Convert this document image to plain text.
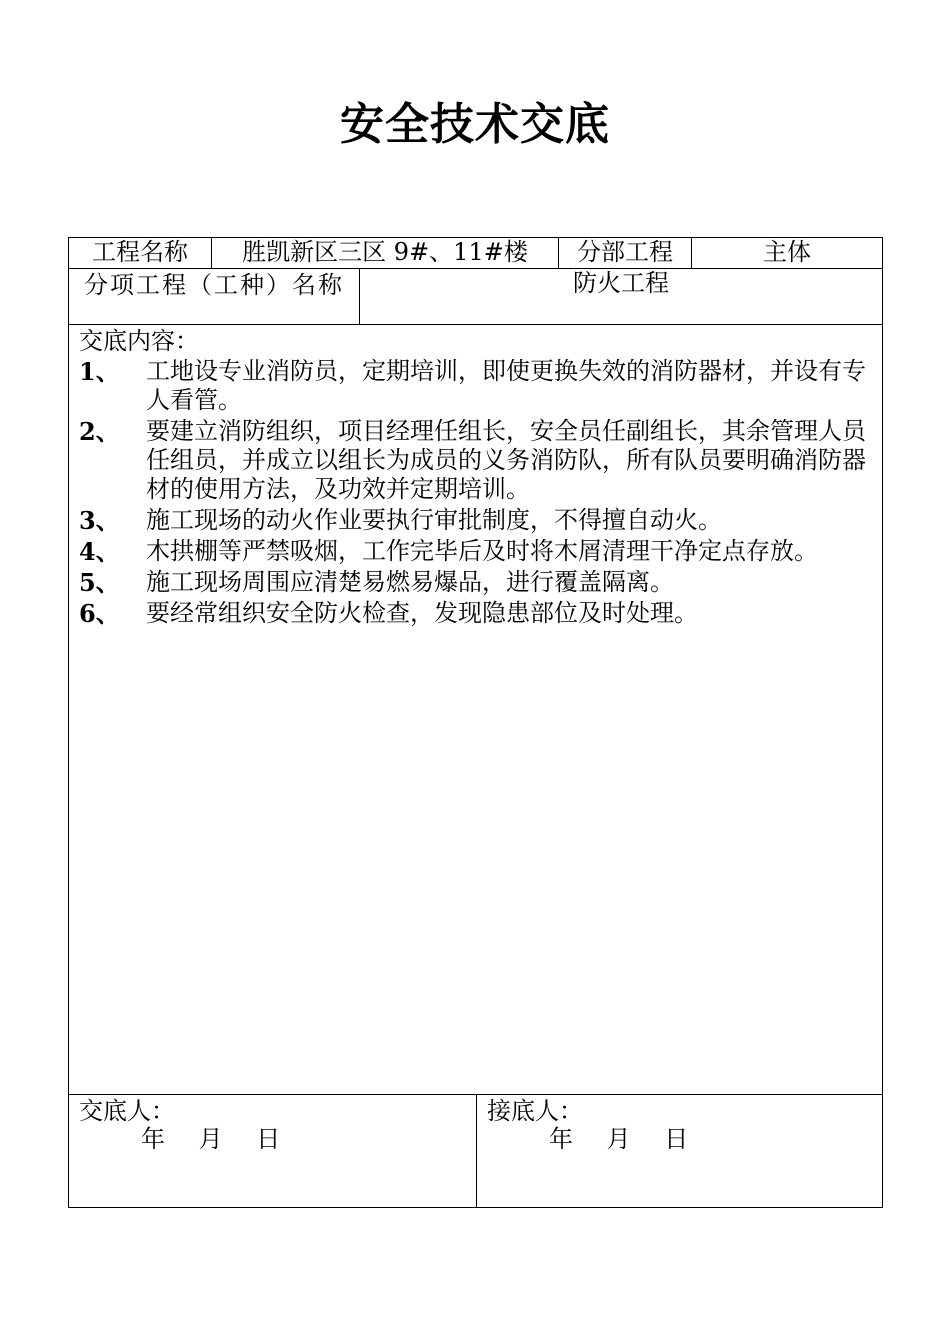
安全技术交底
工程名称	胜凯新区三区 9#、11#楼	分部工程	主体
分项工程（工种）名称	防火工程
交底内容：
1、 工地设专业消防员，定期培训，即使更换失效的消防器材，并设有专人看管。
2、 要建立消防组织，项目经理任组长，安全员任副组长，其余管理人员任组员，并成立以组长为成员的义务消防队，所有队员要明确消防器材的使用方法，及功效并定期培训。
3、 施工现场的动火作业要执行审批制度，不得擅自动火。
4、 木拱棚等严禁吸烟，工作完毕后及时将木屑清理干净定点存放。
5、 施工现场周围应清楚易燃易爆品，进行覆盖隔离。
6、 要经常组织安全防火检查，发现隐患部位及时处理。
交底人：
年 月 日
接底人：
年 月 日
